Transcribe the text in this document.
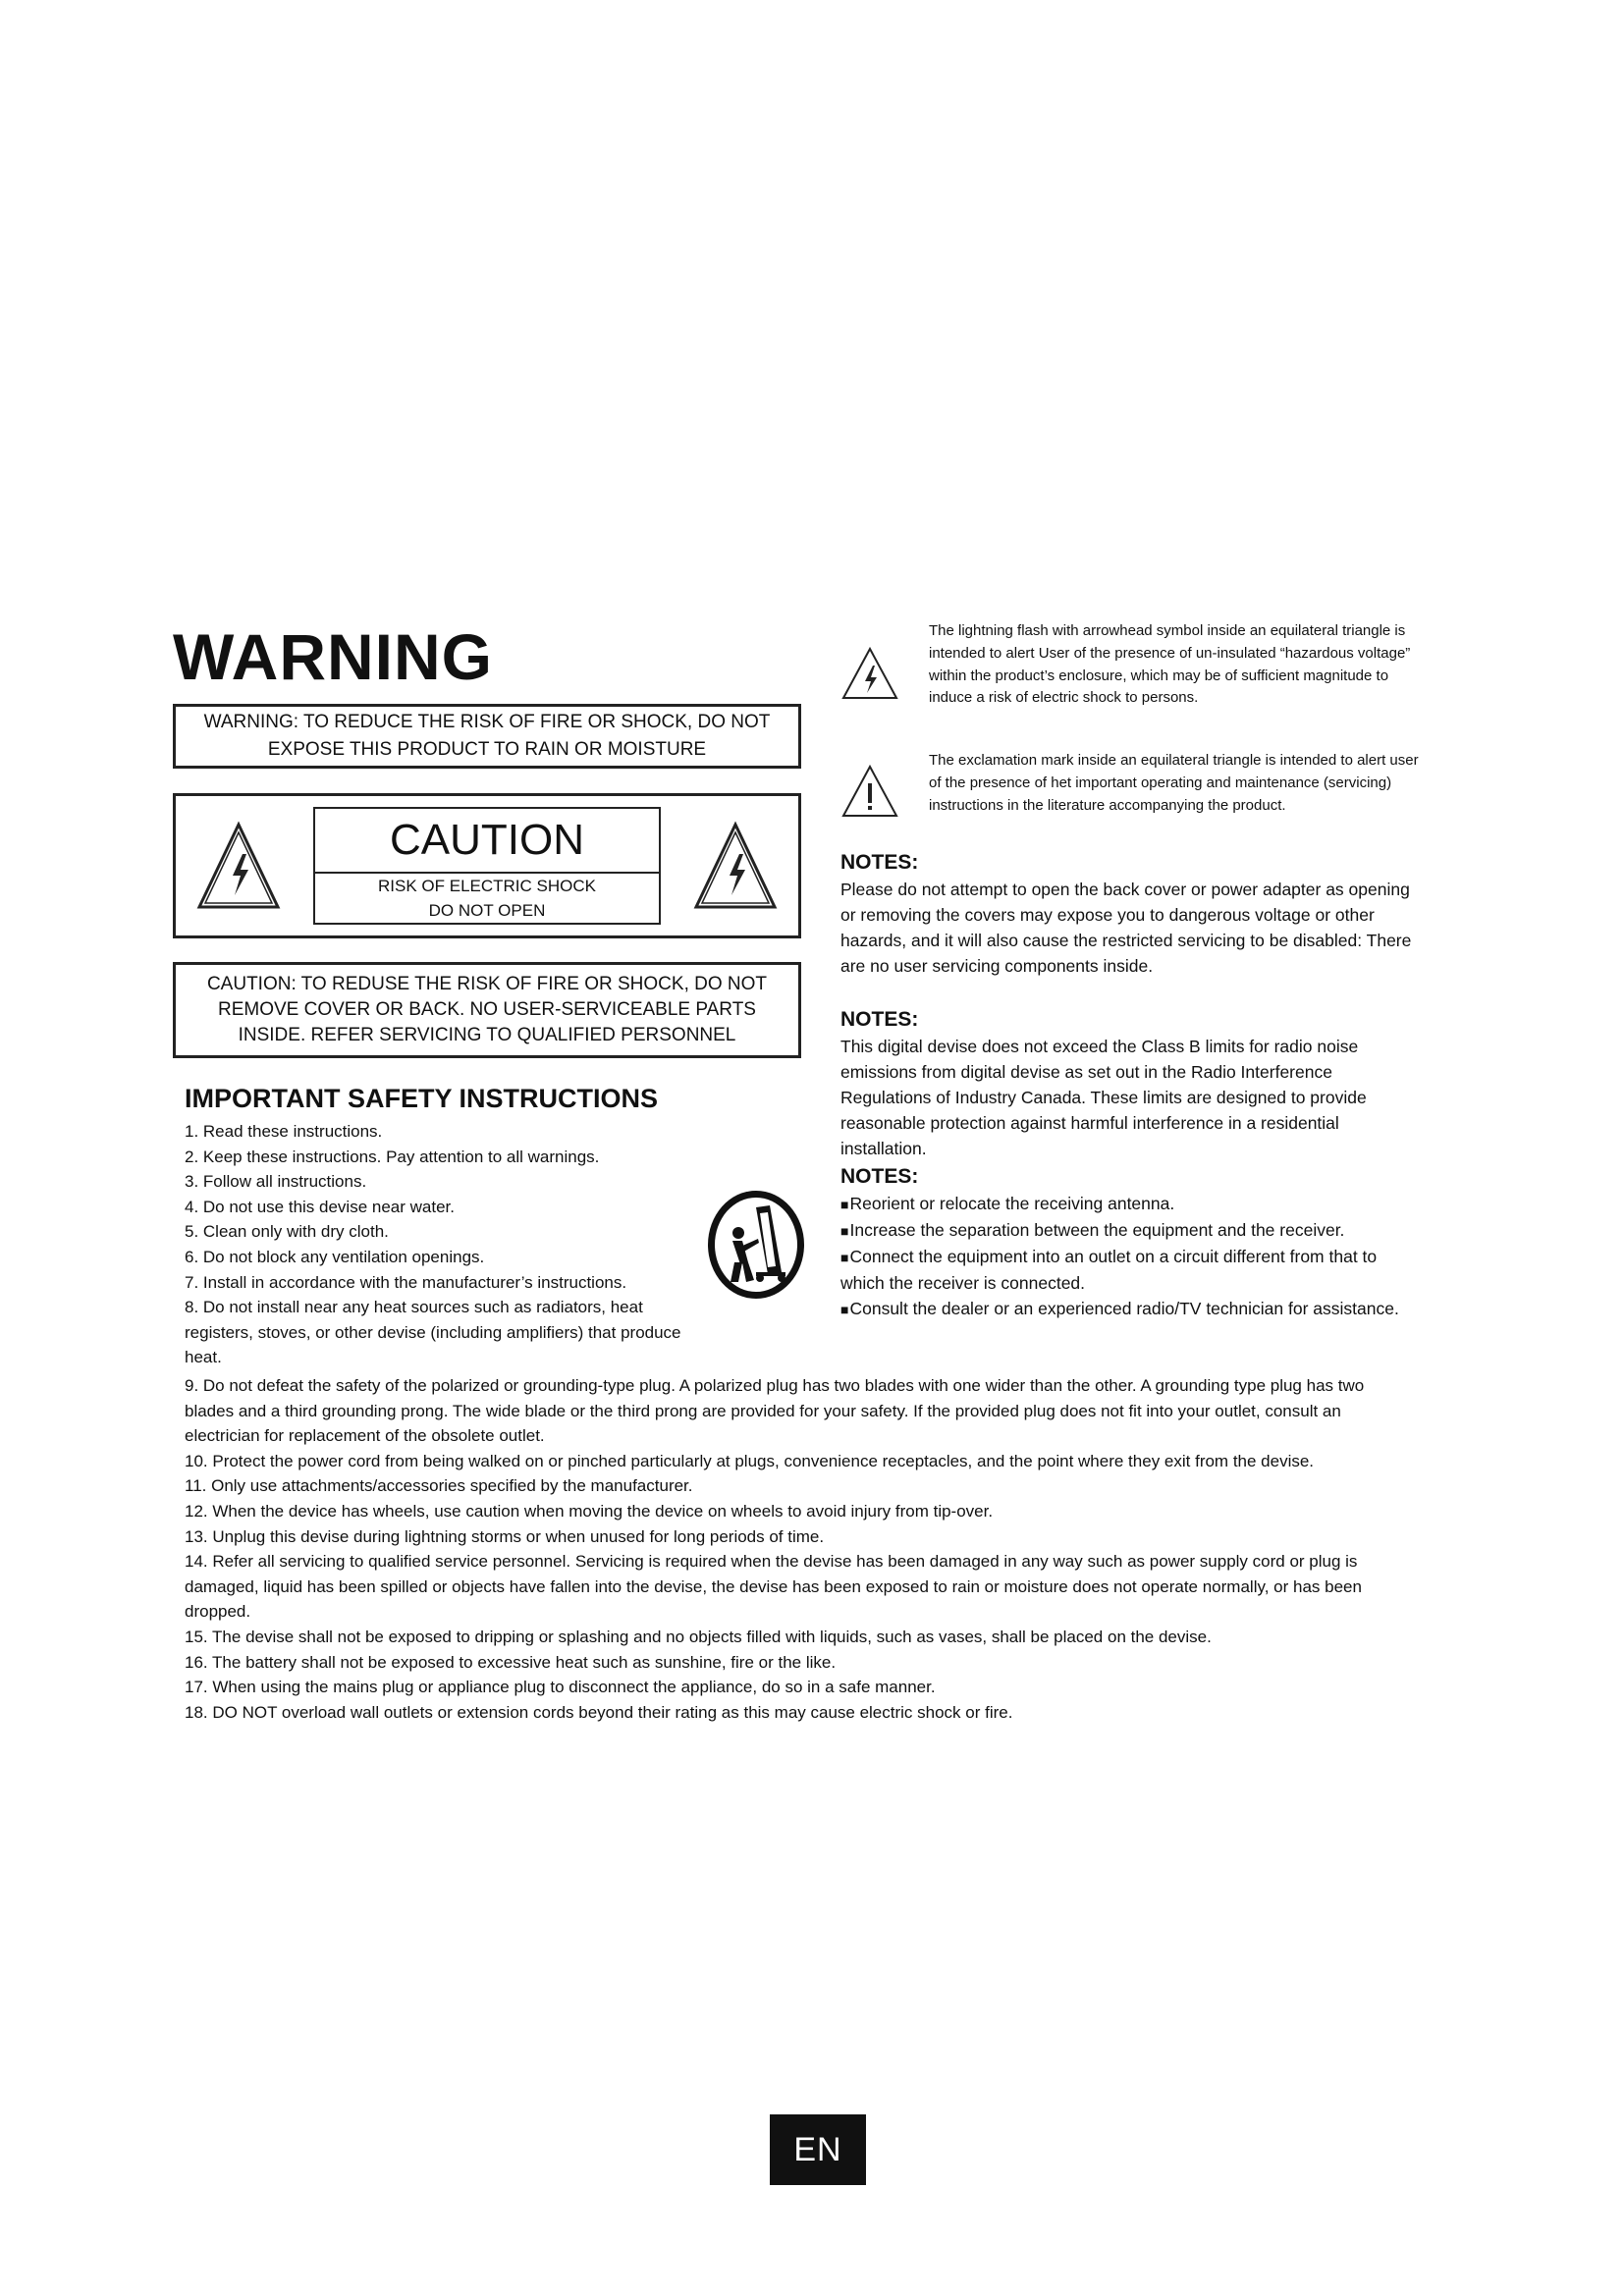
WARNING
WARNING: TO REDUCE THE RISK OF FIRE OR SHOCK, DO NOT
EXPOSE THIS PRODUCT TO RAIN OR MOISTURE
CAUTION
RISK OF ELECTRIC SHOCK
DO NOT OPEN
CAUTION: TO REDUSE THE RISK OF FIRE OR SHOCK, DO NOT
REMOVE COVER OR BACK. NO USER-SERVICEABLE PARTS
INSIDE. REFER SERVICING TO QUALIFIED PERSONNEL
IMPORTANT SAFETY INSTRUCTIONS
1. Read these instructions.
2. Keep these instructions. Pay attention to all warnings.
3. Follow all instructions.
4. Do not use this devise near water.
5. Clean only with dry cloth.
6. Do not block any ventilation openings.
7. Install in accordance with the manufacturer’s instructions.
8. Do not install near any heat sources such as radiators, heat registers, stoves, or other devise (including amplifiers) that produce heat.
9. Do not defeat the safety of the polarized or grounding-type plug. A polarized plug has two blades with one wider than the other. A grounding type plug has two blades and a third grounding prong. The wide blade or the third prong are provided for your safety. If the provided plug does not fit into your outlet, consult an electrician for replacement of the obsolete outlet.
10. Protect the power cord from being walked on or pinched particularly at plugs, convenience receptacles, and the point where they exit from the devise.
11. Only use attachments/accessories specified by the manufacturer.
12. When the device has wheels, use caution when moving the device on wheels to avoid injury from tip-over.
13. Unplug this devise during lightning storms or when unused for long periods of time.
14. Refer all servicing to qualified service personnel. Servicing is required when the devise has been damaged in any way such as power supply cord or plug is damaged, liquid has been spilled or objects have fallen into the devise, the devise has been exposed to rain or moisture does not operate normally, or has been dropped.
15. The devise shall not be exposed to dripping or splashing and no objects filled with liquids, such as vases, shall be placed on the devise.
16. The battery shall not be exposed to excessive heat such as sunshine, fire or the like.
17. When using the mains plug or appliance plug to disconnect the appliance, do so in a safe manner.
18. DO NOT overload wall outlets or extension cords beyond their rating as this may cause electric shock or fire.
The lightning flash with arrowhead symbol inside an equilateral triangle is intended to alert User of the presence of un-insulated “hazardous voltage” within the product’s enclosure, which may be of sufficient magnitude to induce a risk of electric shock to persons.
The exclamation mark inside an equilateral triangle is intended to alert user of the presence of het important operating and maintenance (servicing) instructions in the literature accompanying the product.
NOTES:

Please do not attempt to open the back cover or power adapter as opening or removing the covers may expose you to dangerous voltage or other hazards, and it will also cause the restricted servicing to be disabled: There are no user servicing components inside.

NOTES:

This digital devise does not exceed the Class B limits for radio noise emissions from digital devise as set out in the Radio Interference Regulations of Industry Canada. These limits are designed to provide reasonable protection against harmful interference in a residential installation.

NOTES:
■ Reorient or relocate the receiving antenna.
■ Increase the separation between the equipment and the receiver.
■ Connect the equipment into an outlet on a circuit different from that to which the receiver is connected.
■ Consult the dealer or an experienced radio/TV technician for assistance.
EN
